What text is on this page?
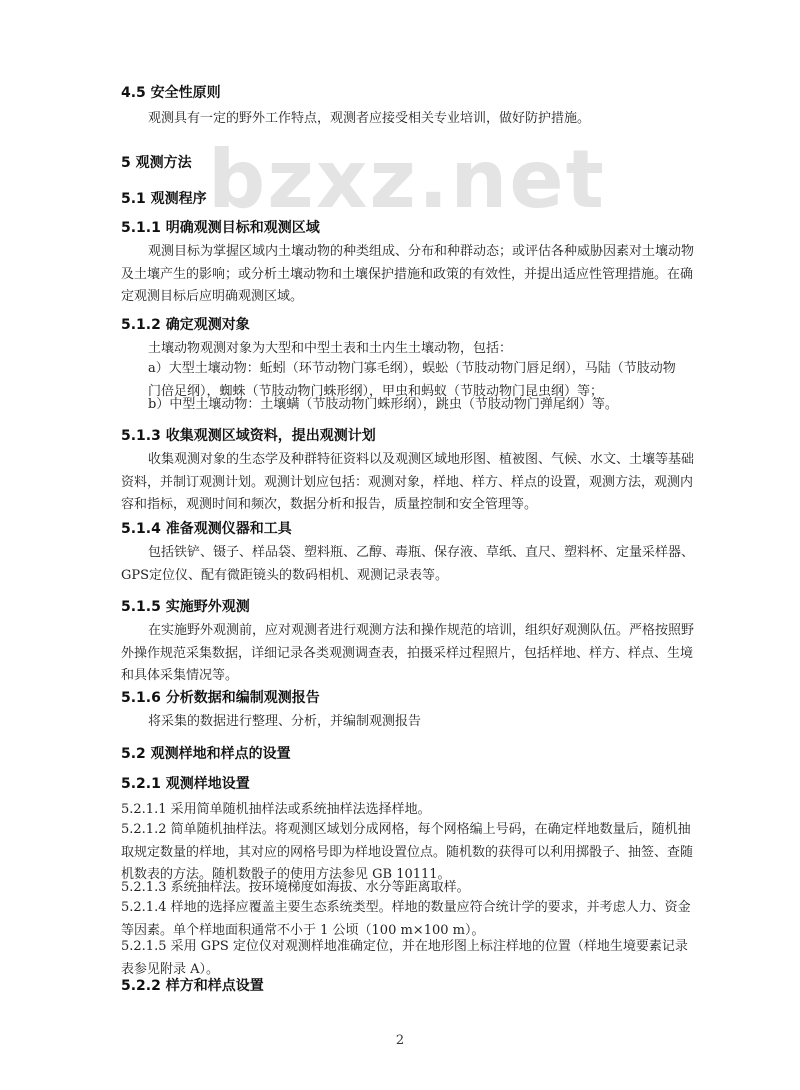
bzxz.net
4.5 安全性原则

观测具有一定的野外工作特点，观测者应接受相关专业培训，做好防护措施。

5 观测方法
5.1 观测程序
5.1.1 明确观测目标和观测区域

观测目标为掌握区域内土壤动物的种类组成、分布和种群动态；或评估各种威胁因素对土壤动物及土壤产生的影响；或分析土壤动物和土壤保护措施和政策的有效性，并提出适应性管理措施。在确定观测目标后应明确观测区域。

5.1.2 确定观测对象

土壤动物观测对象为大型和中型土表和土内生土壤动物，包括：

a）大型土壤动物：蚯蚓（环节动物门寡毛纲），蜈蚣（节肢动物门唇足纲），马陆（节肢动物门倍足纲），蜘蛛（节肢动物门蛛形纲），甲虫和蚂蚁（节肢动物门昆虫纲）等；

b）中型土壤动物：土壤螨（节肢动物门蛛形纲），跳虫（节肢动物门弹尾纲）等。

5.1.3 收集观测区域资料，提出观测计划

收集观测对象的生态学及种群特征资料以及观测区域地形图、植被图、气候、水文、土壤等基础资料，并制订观测计划。观测计划应包括：观测对象，样地、样方、样点的设置，观测方法，观测内容和指标，观测时间和频次，数据分析和报告，质量控制和安全管理等。

5.1.4 准备观测仪器和工具

包括铁铲、镊子、样品袋、塑料瓶、乙醇、毒瓶、保存液、草纸、直尺、塑料杯、定量采样器、GPS定位仪、配有微距镜头的数码相机、观测记录表等。

5.1.5 实施野外观测

在实施野外观测前，应对观测者进行观测方法和操作规范的培训，组织好观测队伍。严格按照野外操作规范采集数据，详细记录各类观测调查表，拍摄采样过程照片，包括样地、样方、样点、生境和具体采集情况等。

5.1.6 分析数据和编制观测报告

将采集的数据进行整理、分析，并编制观测报告

5.2 观测样地和样点的设置
5.2.1 观测样地设置

5.2.1.1 采用简单随机抽样法或系统抽样法选择样地。

5.2.1.2 简单随机抽样法。将观测区域划分成网格，每个网格编上号码，在确定样地数量后，随机抽取规定数量的样地，其对应的网格号即为样地设置位点。随机数的获得可以利用掷骰子、抽签、查随机数表的方法。随机数骰子的使用方法参见 GB 10111。

5.2.1.3 系统抽样法。按环境梯度如海拔、水分等距离取样。

5.2.1.4 样地的选择应覆盖主要生态系统类型。样地的数量应符合统计学的要求，并考虑人力、资金等因素。单个样地面积通常不小于 1 公顷（100 m×100 m）。

5.2.1.5 采用 GPS 定位仪对观测样地准确定位，并在地形图上标注样地的位置（样地生境要素记录表参见附录 A）。

5.2.2 样方和样点设置
2
